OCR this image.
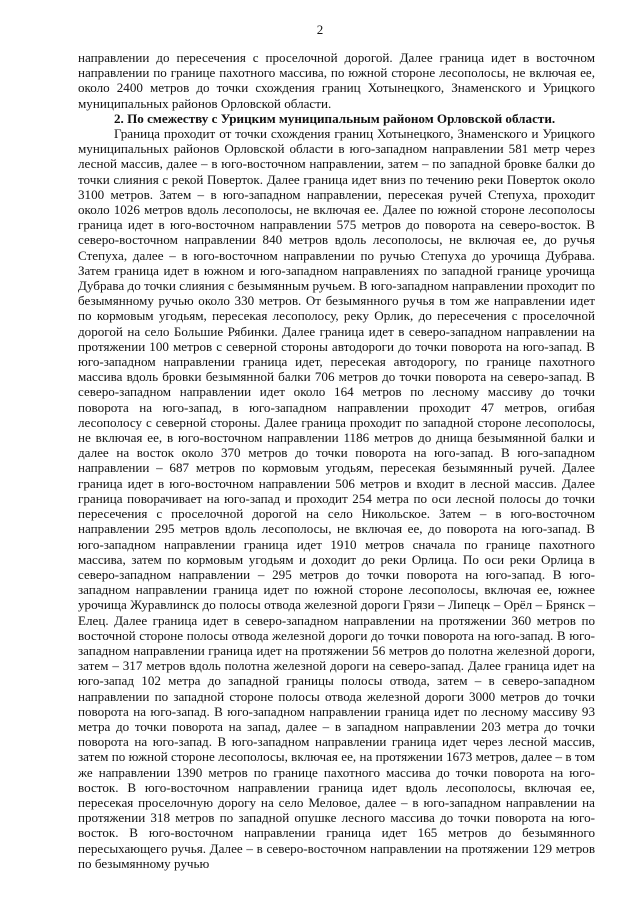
2

направлении до пересечения с проселочной дорогой. Далее граница идет в восточном направлении по границе пахотного массива, по южной стороне лесополосы, не включая ее, около 2400 метров до точки схождения границ Хотынецкого, Знаменского и Урицкого муниципальных районов Орловской области.

2. По смежеству с Урицким муниципальным районом Орловской области.

Граница проходит от точки схождения границ Хотынецкого, Знаменского и Урицкого муниципальных районов Орловской области в юго-западном направлении 581 метр через лесной массив, далее – в юго-восточном направлении, затем – по западной бровке балки до точки слияния с рекой Поверток. Далее граница идет вниз по течению реки Поверток около 3100 метров. Затем – в юго-западном направлении, пересекая ручей Степуха, проходит около 1026 метров вдоль лесополосы, не включая ее. Далее по южной стороне лесополосы граница идет в юго-восточном направлении 575 метров до поворота на северо-восток. В северо-восточном направлении 840 метров вдоль лесополосы, не включая ее, до ручья Степуха, далее – в юго-восточном направлении по ручью Степуха до урочища Дубрава. Затем граница идет в южном и юго-западном направлениях по западной границе урочища Дубрава до точки слияния с безымянным ручьем. В юго-западном направлении проходит по безымянному ручью около 330 метров. От безымянного ручья в том же направлении идет по кормовым угодьям, пересекая лесополосу, реку Орлик, до пересечения с проселочной дорогой на село Большие Рябинки. Далее граница идет в северо-западном направлении на протяжении 100 метров с северной стороны автодороги до точки поворота на юго-запад. В юго-западном направлении граница идет, пересекая автодорогу, по границе пахотного массива вдоль бровки безымянной балки 706 метров до точки поворота на северо-запад. В северо-западном направлении идет около 164 метров по лесному массиву до точки поворота на юго-запад, в юго-западном направлении проходит 47 метров, огибая лесополосу с северной стороны. Далее граница проходит по западной стороне лесополосы, не включая ее, в юго-восточном направлении 1186 метров до днища безымянной балки и далее на восток около 370 метров до точки поворота на юго-запад. В юго-западном направлении – 687 метров по кормовым угодьям, пересекая безымянный ручей. Далее граница идет в юго-восточном направлении 506 метров и входит в лесной массив. Далее граница поворачивает на юго-запад и проходит 254 метра по оси лесной полосы до точки пересечения с проселочной дорогой на село Никольское. Затем – в юго-восточном направлении 295 метров вдоль лесополосы, не включая ее, до поворота на юго-запад. В юго-западном направлении граница идет 1910 метров сначала по границе пахотного массива, затем по кормовым угодьям и доходит до реки Орлица. По оси реки Орлица в северо-западном направлении – 295 метров до точки поворота на юго-запад. В юго-западном направлении граница идет по южной стороне лесополосы, включая ее, южнее урочища Журавлинск до полосы отвода железной дороги Грязи – Липецк – Орёл – Брянск – Елец. Далее граница идет в северо-западном направлении на протяжении 360 метров по восточной стороне полосы отвода железной дороги до точки поворота на юго-запад. В юго-западном направлении граница идет на протяжении 56 метров до полотна железной дороги, затем – 317 метров вдоль полотна железной дороги на северо-запад. Далее граница идет на юго-запад 102 метра до западной границы полосы отвода, затем – в северо-западном направлении по западной стороне полосы отвода железной дороги 3000 метров до точки поворота на юго-запад. В юго-западном направлении граница идет по лесному массиву 93 метра до точки поворота на запад, далее – в западном направлении 203 метра до точки поворота на юго-запад. В юго-западном направлении граница идет через лесной массив, затем по южной стороне лесополосы, включая ее, на протяжении 1673 метров, далее – в том же направлении 1390 метров по границе пахотного массива до точки поворота на юго-восток. В юго-восточном направлении граница идет вдоль лесополосы, включая ее, пересекая проселочную дорогу на село Меловое, далее – в юго-западном направлении на протяжении 318 метров по западной опушке лесного массива до точки поворота на юго-восток. В юго-восточном направлении граница идет 165 метров до безымянного пересыхающего ручья. Далее – в северо-восточном направлении на протяжении 129 метров по безымянному ручью
